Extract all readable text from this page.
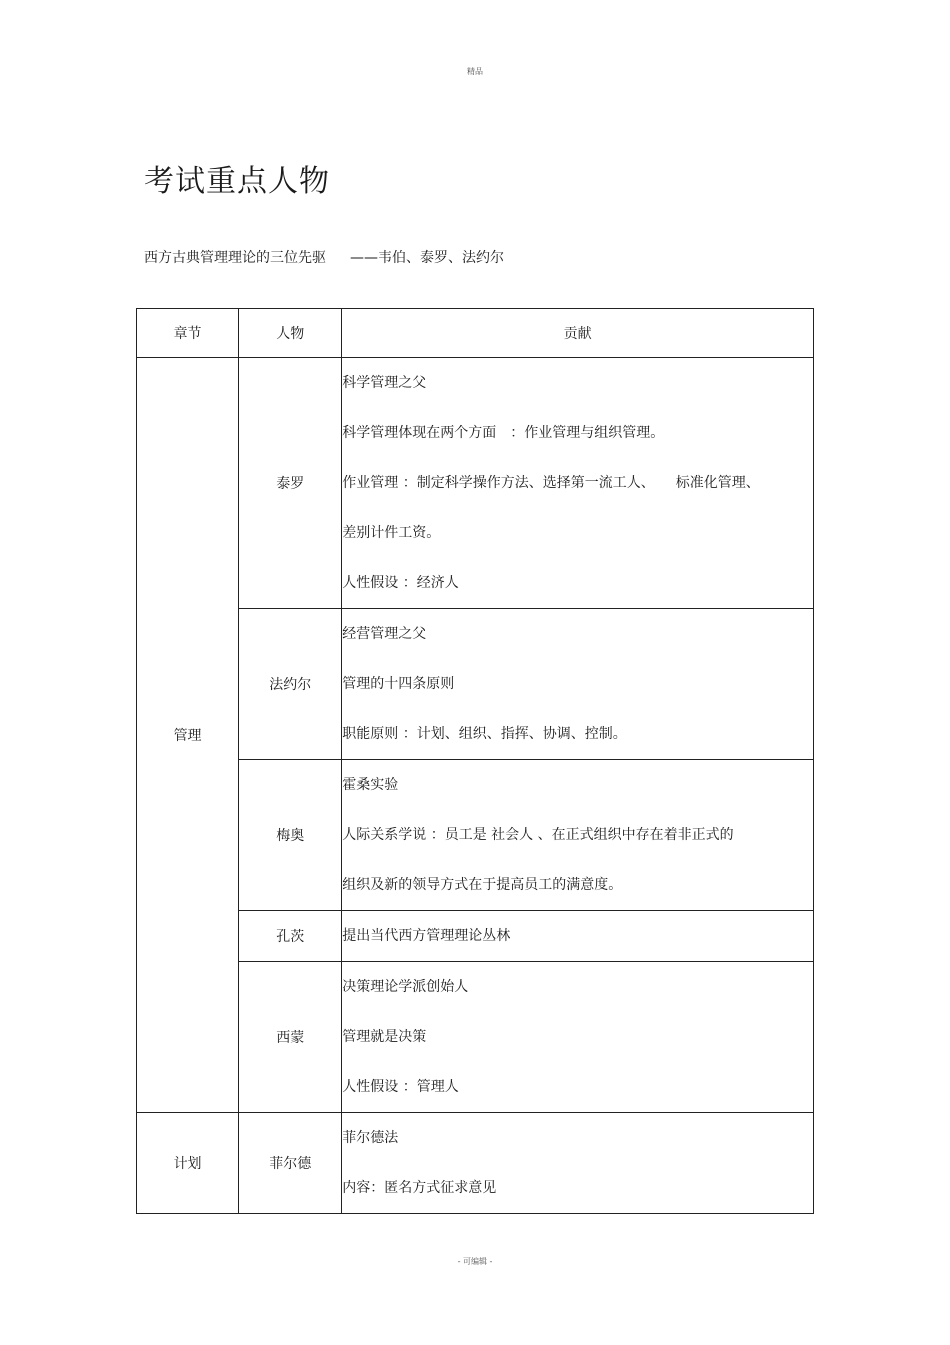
精品
考试重点人物
西方古典管理理论的三位先驱 ——韦伯、泰罗、法约尔
章节	人物	贡献
管理	泰罗	科学管理之父
科学管理体现在两个方面　：作业管理与组织管理。
作业管理 ：制定科学操作方法、选择第一流工人、　　标准化管理、
差别计件工资。
人性假设 ：经济人

	法约尔	经营管理之父
管理的十四条原则
职能原则 ：计划、组织、指挥、协调、控制。

	梅奥	霍桑实验
人际关系学说 ：员工是 社会人 、在正式组织中存在着非正式的
组织及新的领导方式在于提高员工的满意度。

	孔茨	提出当代西方管理理论丛林

	西蒙	决策理论学派创始人
管理就是决策
人性假设 ：管理人

计划	菲尔德	菲尔德法
内容：匿名方式征求意见
- 可编辑 -
